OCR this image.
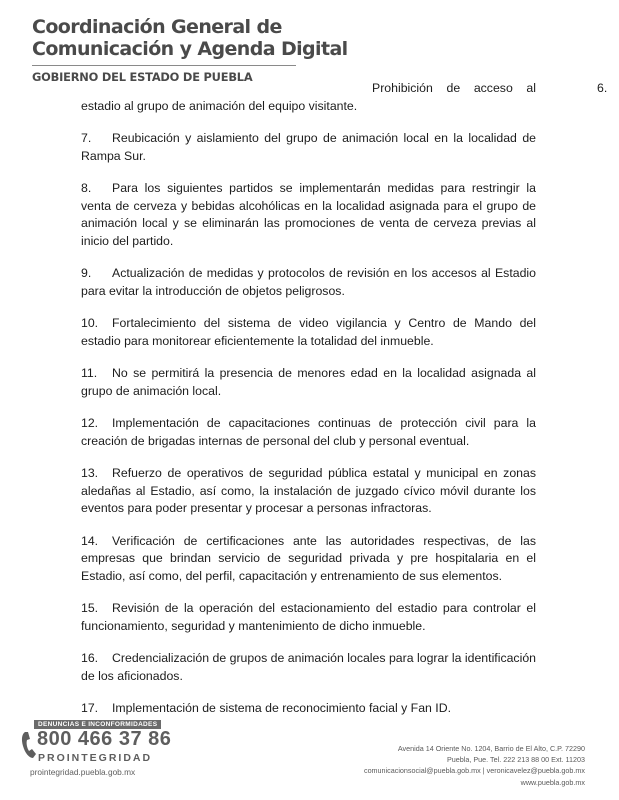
Coordinación General de
Comunicación y Agenda Digital
GOBIERNO DEL ESTADO DE PUEBLA

6.Prohibición de acceso al estadio al grupo de animación del equipo visitante.

7. Reubicación y aislamiento del grupo de animación local en la localidad de Rampa Sur.

8. Para los siguientes partidos se implementarán medidas para restringir la venta de cerveza y bebidas alcohólicas en la localidad asignada para el grupo de animación local y se eliminarán las promociones de venta de cerveza previas al inicio del partido.

9. Actualización de medidas y protocolos de revisión en los accesos al Estadio para evitar la introducción de objetos peligrosos.

10. Fortalecimiento del sistema de video vigilancia y Centro de Mando del estadio para monitorear eficientemente la totalidad del inmueble.

11. No se permitirá la presencia de menores edad en la localidad asignada al grupo de animación local.

12. Implementación de capacitaciones continuas de protección civil para la creación de brigadas internas de personal del club y personal eventual.

13. Refuerzo de operativos de seguridad pública estatal y municipal en zonas aledañas al Estadio, así como, la instalación de juzgado cívico móvil durante los eventos para poder presentar y procesar a personas infractoras.

14. Verificación de certificaciones ante las autoridades respectivas, de las empresas que brindan servicio de seguridad privada y pre hospitalaria en el Estadio, así como, del perfil, capacitación y entrenamiento de sus elementos.

15. Revisión de la operación del estacionamiento del estadio para controlar el funcionamiento, seguridad y mantenimiento de dicho inmueble.

16. Credencialización de grupos de animación locales para lograr la identificación de los aficionados.

17. Implementación de sistema de reconocimiento facial y Fan ID.

DENUNCIAS E INCONFORMIDADES
800 466 37 86
PROINTEGRIDAD
prointegridad.puebla.gob.mx
Avenida 14 Oriente No. 1204, Barrio de El Alto, C.P. 72290
Puebla, Pue. Tel. 222 213 88 00 Ext. 11203
comunicacionsocial@puebla.gob.mx | veronicavelez@puebla.gob.mx
www.puebla.gob.mx
